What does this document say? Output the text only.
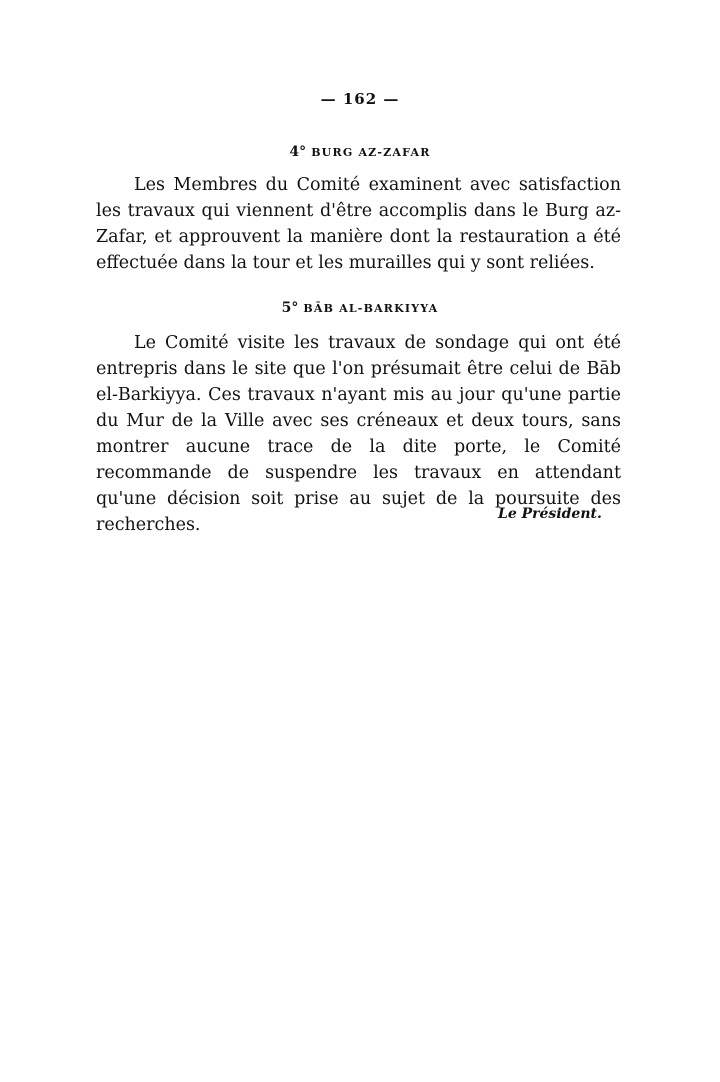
— 162 —
4° BURG AZ-ZAFAR

Les Membres du Comité examinent avec satisfaction les travaux qui viennent d'être accomplis dans le Burg az-Zafar, et approuvent la manière dont la restauration a été effectuée dans la tour et les murailles qui y sont reliées.

5° BĀB AL-BARKIYYA

Le Comité visite les travaux de sondage qui ont été entrepris dans le site que l'on présumait être celui de Bāb el-Barkiyya. Ces travaux n'ayant mis au jour qu'une partie du Mur de la Ville avec ses créneaux et deux tours, sans montrer aucune trace de la dite porte, le Comité recommande de suspendre les travaux en attendant qu'une décision soit prise au sujet de la poursuite des recherches.

Le Président.
